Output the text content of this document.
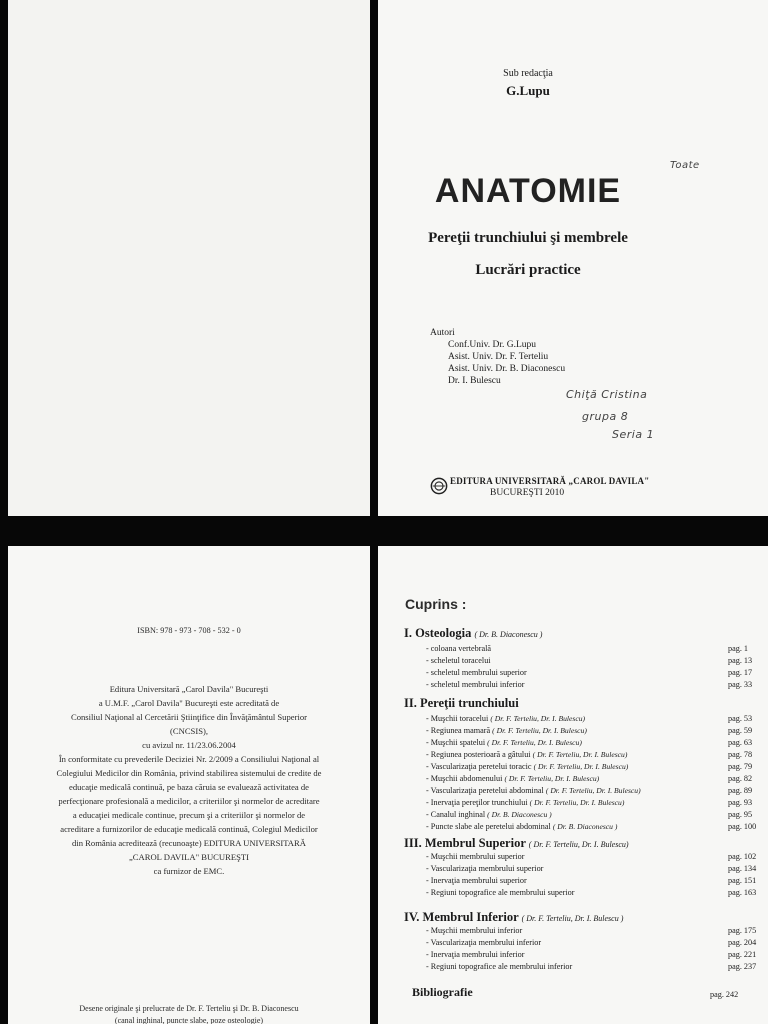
Sub redacţia
G.Lupu
Toate
ANATOMIE
Pereţii trunchiului şi membrele
Lucrări practice
Autori
Conf.Univ. Dr. G.Lupu
Asist. Univ. Dr. F. Terteliu
Asist. Univ. Dr. B. Diaconescu
Dr. I. Bulescu
Chiţă Cristina
grupa 8
Seria 1
EDITURA UNIVERSITARĂ „CAROL DAVILA"
BUCUREŞTI 2010
ISBN: 978 - 973 - 708 - 532 - 0
Editura Universitară „Carol Davila" Bucureşti
a U.M.F. „Carol Davila" Bucureşti este acreditată de
Consiliul Naţional al Cercetării Ştiinţifice din Învăţământul Superior
(CNCSIS),
cu avizul nr. 11/23.06.2004
În conformitate cu prevederile Deciziei Nr. 2/2009 a Consiliului Naţional al
Colegiului Medicilor din România, privind stabilirea sistemului de credite de
educaţie medicală continuă, pe baza căruia se evaluează activitatea de
perfecţionare profesională a medicilor, a criteriilor şi normelor de acreditare
a educaţiei medicale continue, precum şi a criteriilor şi normelor de
acreditare a furnizorilor de educaţie medicală continuă, Colegiul Medicilor
din România acreditează (recunoaşte) EDITURA UNIVERSITARĂ
„CAROL DAVILA" BUCUREŞTI
ca furnizor de EMC.
Desene originale şi prelucrate de Dr. F. Terteliu şi Dr. B. Diaconescu
(canal inghinal, puncte slabe, poze osteologie)
Cuprins :
I. Osteologia ( Dr. B. Diaconescu )
- coloana vertebrală	pag. 1
- scheletul toracelui	pag. 13
- scheletul membrului superior	pag. 17
- scheletul membrului inferior	pag. 33
II. Pereţii trunchiului
- Muşchii toracelui ( Dr. F. Terteliu, Dr. I. Bulescu)	pag. 53
- Regiunea mamară ( Dr. F. Terteliu, Dr. I. Bulescu)	pag. 59
- Muşchii spatelui ( Dr. F. Terteliu, Dr. I. Bulescu)	pag. 63
- Regiunea posterioară a gâtului ( Dr. F. Terteliu, Dr. I. Bulescu)	pag. 78
- Vascularizaţia peretelui toracic ( Dr. F. Terteliu, Dr. I. Bulescu)	pag. 79
- Muşchii abdomenului ( Dr. F. Terteliu, Dr. I. Bulescu)	pag. 82
- Vascularizaţia peretelui abdominal ( Dr. F. Terteliu, Dr. I. Bulescu)	pag. 89
- Inervaţia pereţilor trunchiului ( Dr. F. Terteliu, Dr. I. Bulescu)	pag. 93
- Canalul inghinal ( Dr. B. Diaconescu )	pag. 95
- Puncte slabe ale peretelui abdominal ( Dr. B. Diaconescu )	pag. 100
III. Membrul Superior ( Dr. F. Terteliu, Dr. I. Bulescu)
- Muşchii membrului superior	pag. 102
- Vascularizaţia membrului superior	pag. 134
- Inervaţia membrului superior	pag. 151
- Regiuni topografice ale membrului superior	pag. 163
IV. Membrul Inferior ( Dr. F. Terteliu, Dr. I. Bulescu )
- Muşchii membrului inferior	pag. 175
- Vascularizaţia membrului inferior	pag. 204
- Inervaţia membrului inferior	pag. 221
- Regiuni topografice ale membrului inferior	pag. 237
Bibliografie	pag. 242
